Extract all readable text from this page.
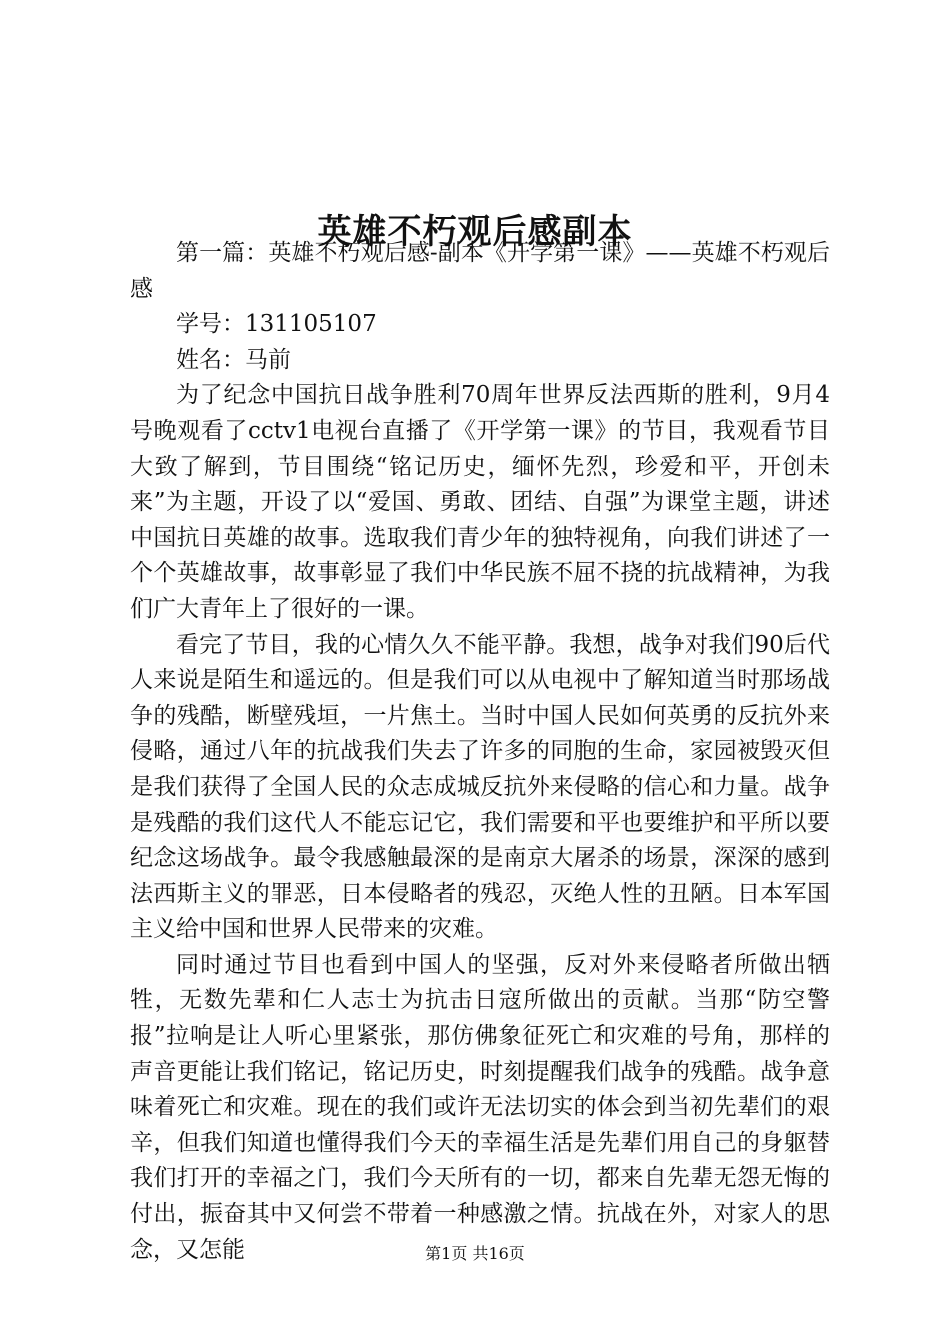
英雄不朽观后感副本

第一篇：英雄不朽观后感-副本《开学第一课》——英雄不朽观后感

学号：131105107

姓名：马前

为了纪念中国抗日战争胜利70周年世界反法西斯的胜利，9月4号晚观看了cctv1电视台直播了《开学第一课》的节目，我观看节目大致了解到，节目围绕“铭记历史，缅怀先烈，珍爱和平，开创未来”为主题，开设了以“爱国、勇敢、团结、自强”为课堂主题，讲述中国抗日英雄的故事。选取我们青少年的独特视角，向我们讲述了一个个英雄故事，故事彰显了我们中华民族不屈不挠的抗战精神，为我们广大青年上了很好的一课。

看完了节目，我的心情久久不能平静。我想，战争对我们90后代人来说是陌生和遥远的。但是我们可以从电视中了解知道当时那场战争的残酷，断壁残垣，一片焦土。当时中国人民如何英勇的反抗外来侵略，通过八年的抗战我们失去了许多的同胞的生命，家园被毁灭但是我们获得了全国人民的众志成城反抗外来侵略的信心和力量。战争是残酷的我们这代人不能忘记它，我们需要和平也要维护和平所以要纪念这场战争。最令我感触最深的是南京大屠杀的场景，深深的感到法西斯主义的罪恶，日本侵略者的残忍，灭绝人性的丑陋。日本军国主义给中国和世界人民带来的灾难。

同时通过节目也看到中国人的坚强，反对外来侵略者所做出牺牲，无数先辈和仁人志士为抗击日寇所做出的贡献。当那“防空警报”拉响是让人听心里紧张，那仿佛象征死亡和灾难的号角，那样的声音更能让我们铭记，铭记历史，时刻提醒我们战争的残酷。战争意味着死亡和灾难。现在的我们或许无法切实的体会到当初先辈们的艰辛，但我们知道也懂得我们今天的幸福生活是先辈们用自己的身躯替我们打开的幸福之门，我们今天所有的一切，都来自先辈无怨无悔的付出，振奋其中又何尝不带着一种感激之情。抗战在外，对家人的思念，又怎能	第1页 共16页
